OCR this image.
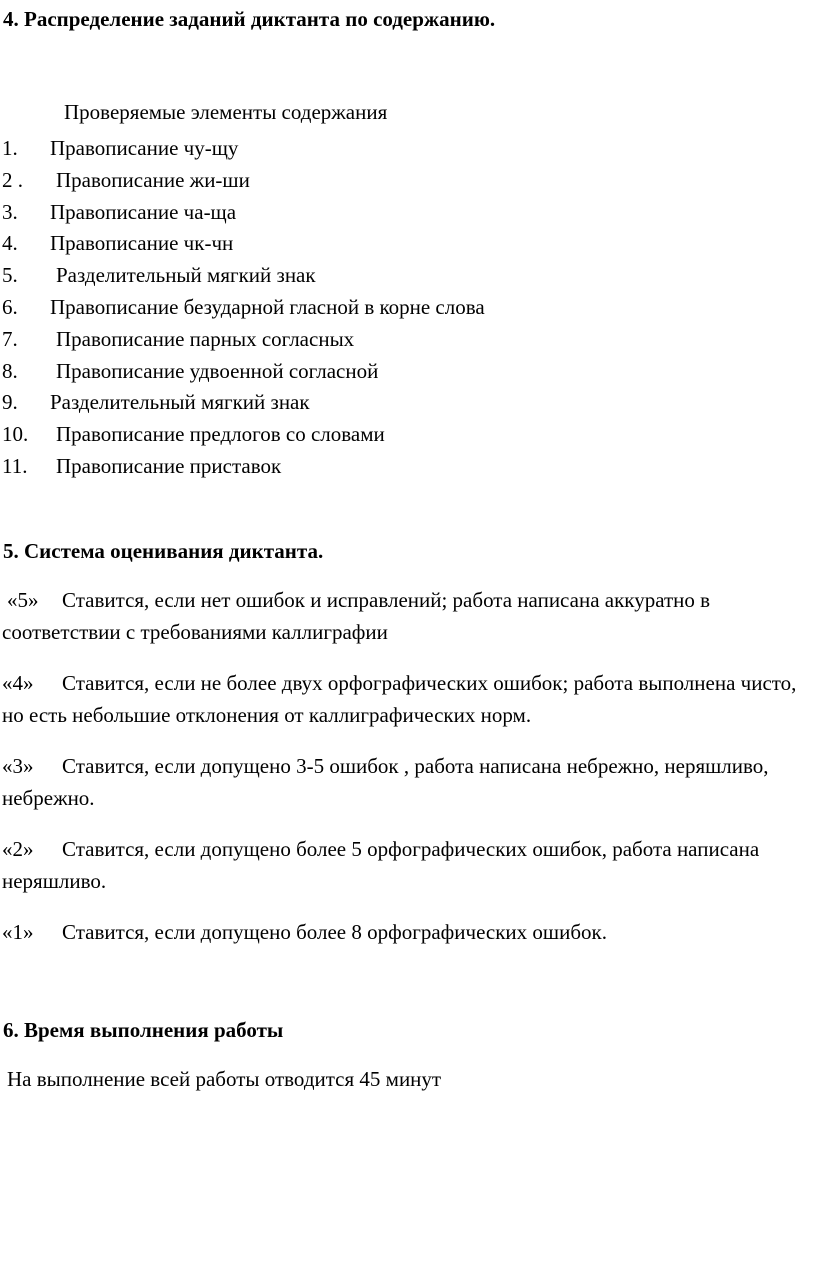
4. Распределение заданий диктанта по содержанию.
Проверяемые элементы содержания
1. Правописание чу-щу
2 . Правописание жи-ши
3. Правописание ча-ща
4. Правописание чк-чн
5. Разделительный мягкий знак
6. Правописание безударной гласной в корне слова
7. Правописание парных согласных
8. Правописание удвоенной согласной
9. Разделительный мягкий знак
10. Правописание предлогов со словами
11. Правописание приставок
5. Система оценивания диктанта.
«5» Ставится, если нет ошибок и исправлений; работа написана аккуратно в соответствии с требованиями каллиграфии
«4» Ставится, если не более двух орфографических ошибок; работа выполнена чисто, но есть небольшие отклонения от каллиграфических норм.
«3» Ставится, если допущено 3-5 ошибок , работа написана небрежно, неряшливо, небрежно.
«2» Ставится, если допущено более 5 орфографических ошибок, работа написана неряшливо.
«1» Ставится, если допущено более 8 орфографических ошибок.
6. Время выполнения работы
На выполнение всей работы отводится 45 минут
